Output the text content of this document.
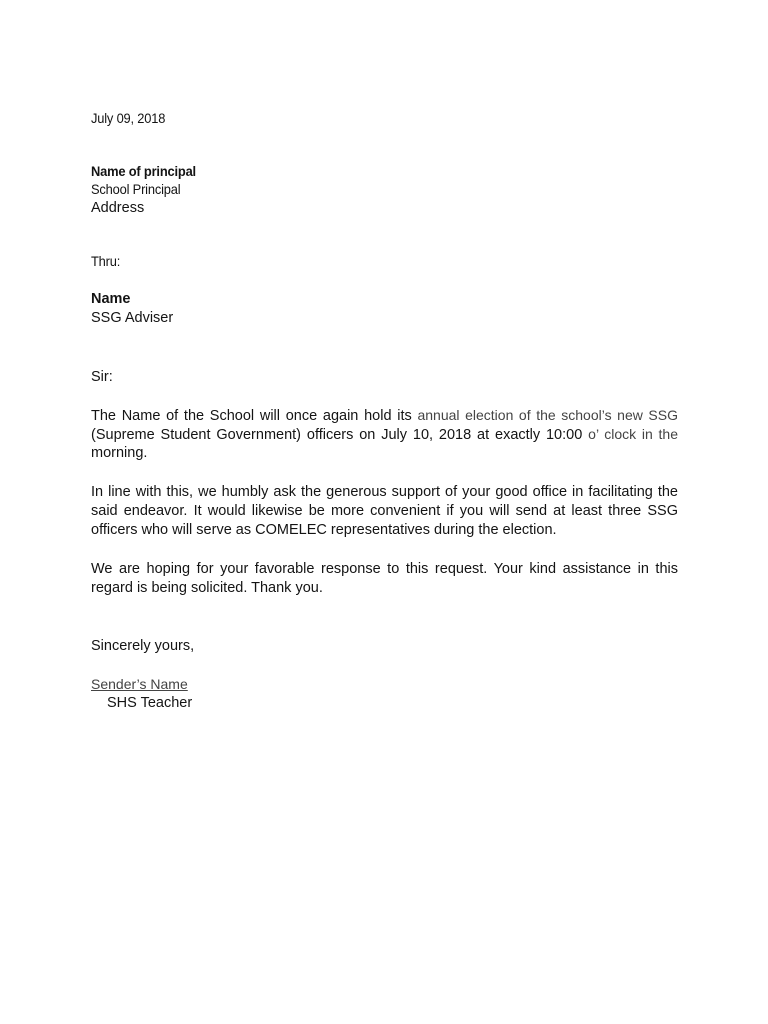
July 09, 2018
Name of principal
School Principal
Address
Thru:
Name
SSG Adviser
Sir:
The Name of the School will once again hold its annual election of the school’s new SSG
(Supreme Student Government) officers on July 10, 2018 at exactly 10:00 o’ clock in the
morning.
In line with this, we humbly ask the generous support of your good office in facilitating the
said endeavor. It would likewise be more convenient if you will send at least three SSG
officers who will serve as COMELEC representatives during the election.
We are hoping for your favorable response to this request. Your kind assistance in this
regard is being solicited. Thank you.
Sincerely yours,
Sender’s Name
SHS Teacher
